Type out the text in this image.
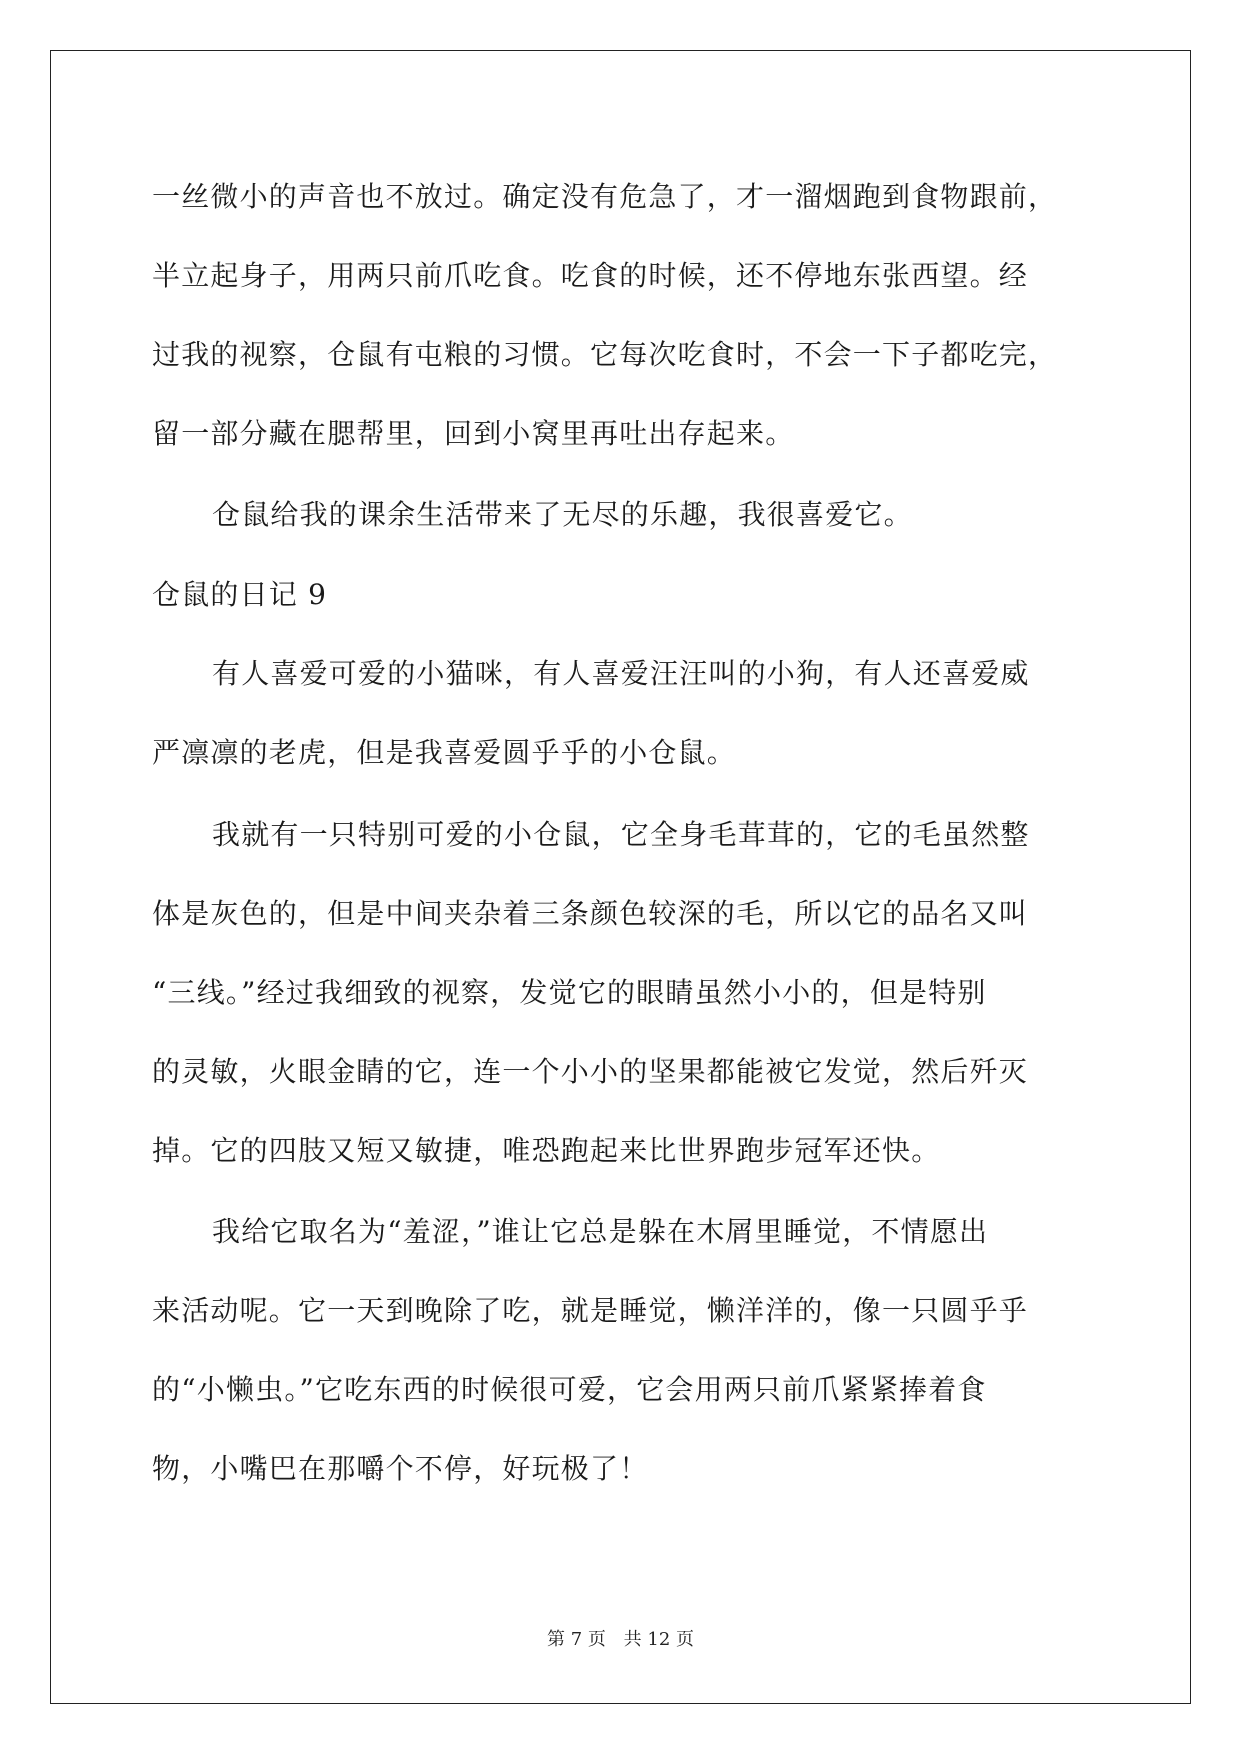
一丝微小的声音也不放过。确定没有危急了，才一溜烟跑到食物跟前，
半立起身子，用两只前爪吃食。吃食的时候，还不停地东张西望。经
过我的视察，仓鼠有屯粮的习惯。它每次吃食时，不会一下子都吃完，
留一部分藏在腮帮里，回到小窝里再吐出存起来。
仓鼠给我的课余生活带来了无尽的乐趣，我很喜爱它。
仓鼠的日记 9
有人喜爱可爱的小猫咪，有人喜爱汪汪叫的小狗，有人还喜爱威
严凛凛的老虎，但是我喜爱圆乎乎的小仓鼠。
我就有一只特别可爱的小仓鼠，它全身毛茸茸的，它的毛虽然整
体是灰色的，但是中间夹杂着三条颜色较深的毛，所以它的品名又叫
“三线。”经过我细致的视察，发觉它的眼睛虽然小小的，但是特别
的灵敏，火眼金睛的它，连一个小小的坚果都能被它发觉，然后歼灭
掉。它的四肢又短又敏捷，唯恐跑起来比世界跑步冠军还快。
我给它取名为“羞涩，”谁让它总是躲在木屑里睡觉，不情愿出
来活动呢。它一天到晚除了吃，就是睡觉，懒洋洋的，像一只圆乎乎
的“小懒虫。”它吃东西的时候很可爱，它会用两只前爪紧紧捧着食
物，小嘴巴在那嚼个不停，好玩极了！
第 7 页 共 12 页
